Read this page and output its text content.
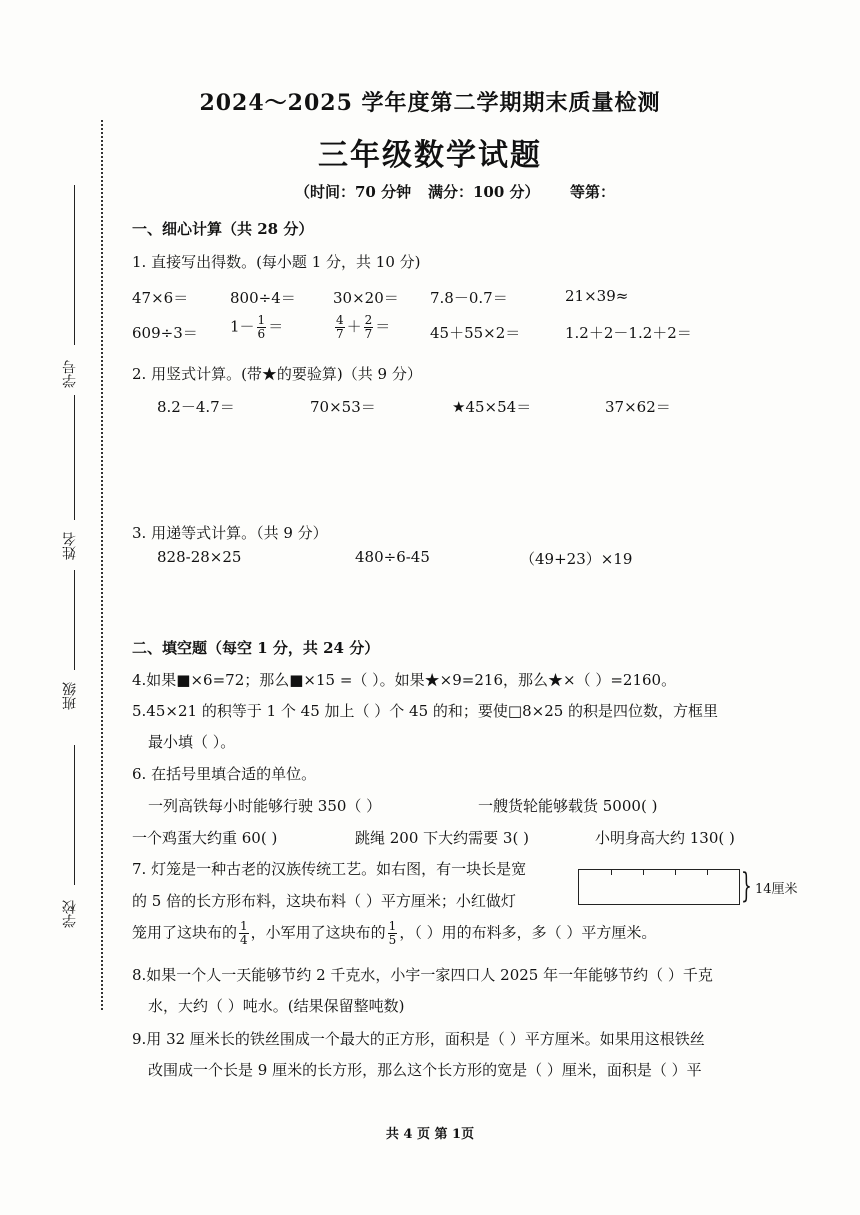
学号
姓名
班级
学校
2024～2025 学年度第二学期期末质量检测
三年级数学试题
（时间：70 分钟 满分：100 分） 等第：
一、细心计算（共 28 分）
1. 直接写出得数。(每小题 1 分，共 10 分)
47×6＝	800÷4＝ 30×20＝ 7.8－0.7＝	21×39≈
$609\div 3= 1- \frac{1}{6}$ ＝	$\frac{4}{7} + \frac{2}{7}$ ＝	45＋55×2＝	1.2＋2－1.2＋2＝
2. 用竖式计算。(带★的要验算)（共 9 分）
8.2－4.7＝	70×53＝	★45×54＝	37×62＝
3. 用递等式计算。（共 9 分）
828-28×25	480÷6-45	（49+23）×19
二、填空题（每空 1 分，共 24 分）
4.如果■×6=72；那么■×15 =（ ）。如果★×9=216，那么★×（ ）=2160。
5.45×21 的积等于 1 个 45 加上（ ）个 45 的和；要使□8×25 的积是四位数，方框里
最小填（ ）。
6. 在括号里填合适的单位。
一列高铁每小时能够行驶 350（ ）	一艘货轮能够载货 5000( )
一个鸡蛋大约重 60( )	跳绳 200 下大约需要 3( )	小明身高大约 130( )
7. 灯笼是一种古老的汉族传统工艺。如右图，有一块长是宽
的 5 倍的长方形布料，这块布料（ ）平方厘米；小红做灯
笼用了这块布的 $\frac{1}{4}$ ，小军用了这块布的 $\frac{1}{5}$ ，（ ）用的布料多，多（ ）平方厘米。
} 14厘米
8.如果一个人一天能够节约 2 千克水，小宇一家四口人 2025 年一年能够节约（ ）千克
水，大约（ ）吨水。(结果保留整吨数)
9.用 32 厘米长的铁丝围成一个最大的正方形，面积是（ ）平方厘米。如果用这根铁丝
改围成一个长是 9 厘米的长方形，那么这个长方形的宽是（ ）厘米，面积是（ ）平
共 4 页 第 1页
